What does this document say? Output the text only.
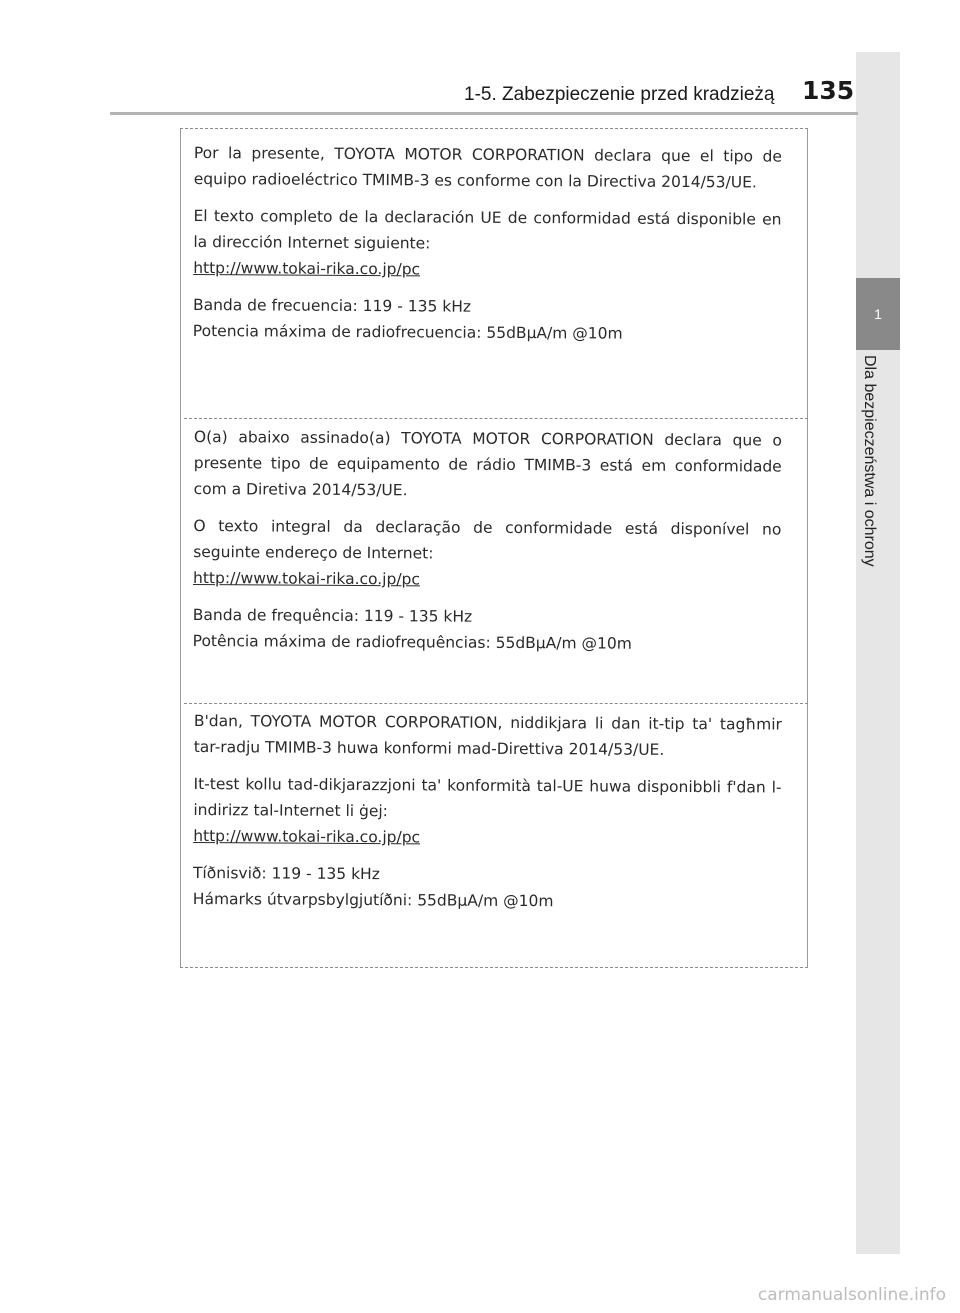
1
Dla bezpieczeństwa i ochrony
1-5. Zabezpieczenie przed kradzieżą 135

Por la presente, TOYOTA MOTOR CORPORATION declara que el tipo de equipo radioeléctrico TMIMB-3 es conforme con la Directiva 2014/53/UE.

El texto completo de la declaración UE de conformidad está disponible en la dirección Internet siguiente:

http://www.tokai-rika.co.jp/pc

Banda de frecuencia: 119 - 135 kHz

Potencia máxima de radiofrecuencia: 55dBμA/m @10m

O(a) abaixo assinado(a) TOYOTA MOTOR CORPORATION declara que o presente tipo de equipamento de rádio TMIMB-3 está em conformidade com a Diretiva 2014/53/UE.

O texto integral da declaração de conformidade está disponível no seguinte endereço de Internet:

http://www.tokai-rika.co.jp/pc

Banda de frequência: 119 - 135 kHz

Potência máxima de radiofrequências: 55dBμA/m @10m

B'dan, TOYOTA MOTOR CORPORATION, niddikjara li dan it-tip ta' tagħmir tar-radju TMIMB-3 huwa konformi mad-Direttiva 2014/53/UE.

It-test kollu tad-dikjarazzjoni ta' konformità tal-UE huwa disponibbli f'dan l-indirizz tal-Internet li ġej:

http://www.tokai-rika.co.jp/pc

Tíðnisvið: 119 - 135 kHz

Hámarks útvarpsbylgjutíðni: 55dBμA/m @10m

carmanualsonline.info
